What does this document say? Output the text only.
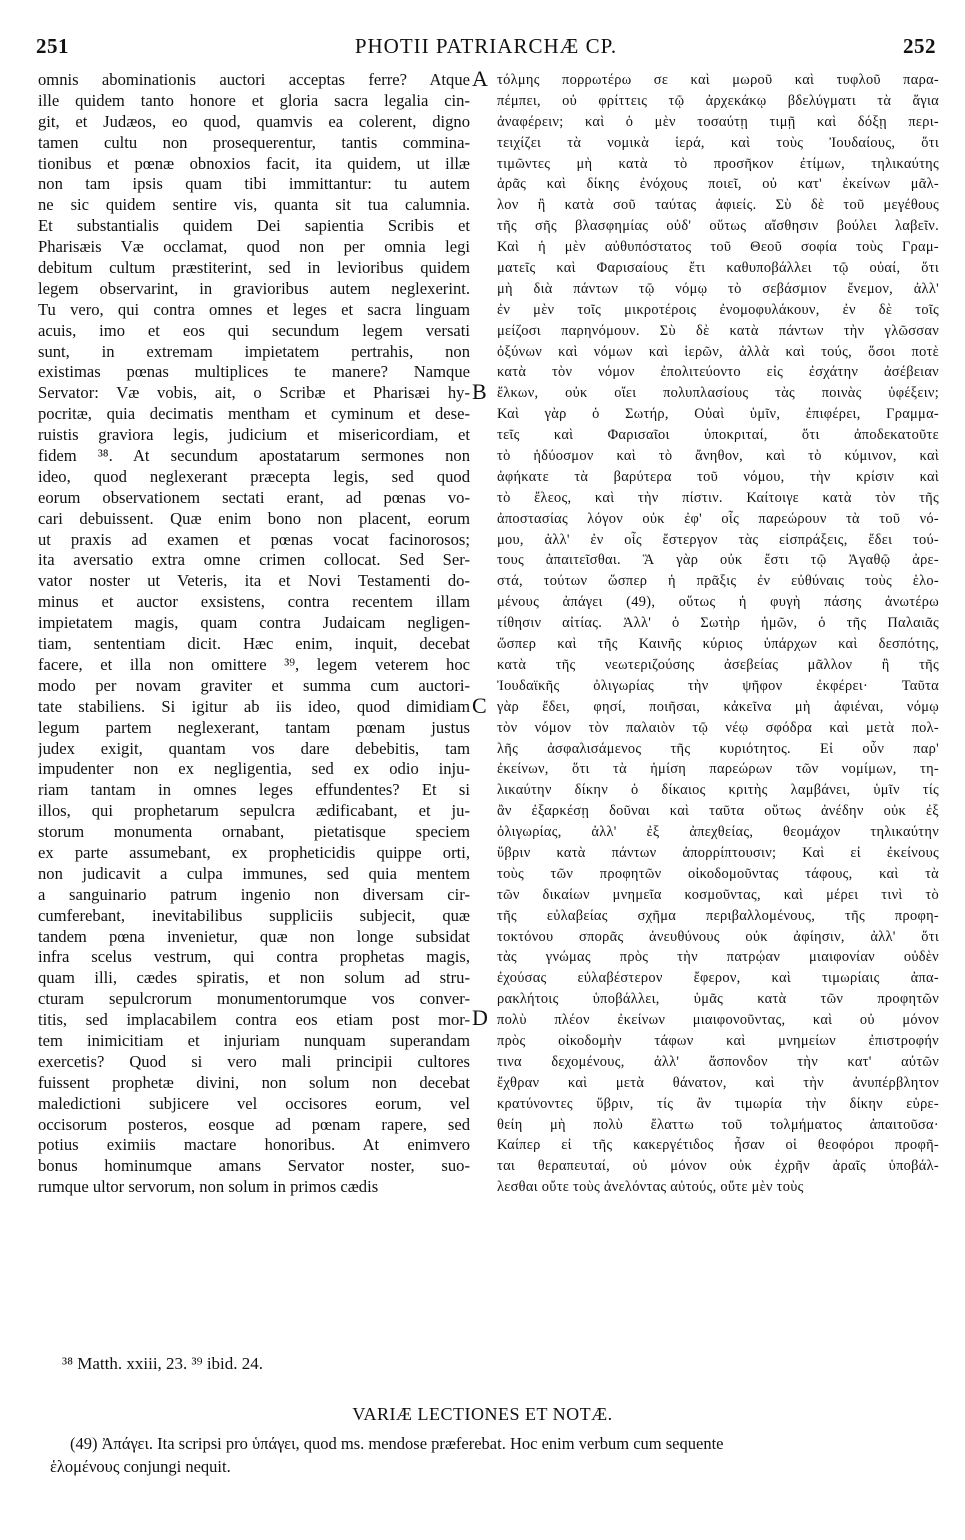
251	PHOTII PATRIARCHÆ CP.	252
omnis abominationis auctori acceptas ferre? Atque
ille quidem tanto honore et gloria sacra legalia cin-
git, et Judæos, eo quod, quamvis ea colerent, digno
tamen cultu non prosequerentur, tantis commina-
tionibus et pœnæ obnoxios facit, ita quidem, ut illæ
non tam ipsis quam tibi immittantur: tu autem
ne sic quidem sentire vis, quanta sit tua calumnia.
Et substantialis quidem Dei sapientia Scribis et
Pharisæis Væ occlamat, quod non per omnia legi
debitum cultum præstiterint, sed in levioribus quidem
legem observarint, in gravioribus autem neglexerint.
Tu vero, qui contra omnes et leges et sacra linguam
acuis, imo et eos qui secundum legem versati
sunt, in extremam impietatem pertrahis, non
existimas pœnas multiplices te manere? Namque
Servator: Væ vobis, ait, o Scribæ et Pharisæi hy-
pocritæ, quia decimatis mentham et cyminum et dese-
ruistis graviora legis, judicium et misericordiam, et
fidem ³⁸. At secundum apostatarum sermones non
ideo, quod neglexerant præcepta legis, sed quod
eorum observationem sectati erant, ad pœnas vo-
cari debuissent. Quæ enim bono non placent, eorum
ut praxis ad examen et pœnas vocat facinorosos;
ita aversatio extra omne crimen collocat. Sed Ser-
vator noster ut Veteris, ita et Novi Testamenti do-
minus et auctor exsistens, contra recentem illam
impietatem magis, quam contra Judaicam negligen-
tiam, sententiam dicit. Hæc enim, inquit, decebat
facere, et illa non omittere ³⁹, legem veterem hoc
modo per novam graviter et summa cum auctori-
tate stabiliens. Si igitur ab iis ideo, quod dimidiam
legum partem neglexerant, tantam pœnam justus
judex exigit, quantam vos dare debebitis, tam
impudenter non ex negligentia, sed ex odio inju-
riam tantam in omnes leges effundentes? Et si
illos, qui prophetarum sepulcra ædificabant, et ju-
storum monumenta ornabant, pietatisque speciem
ex parte assumebant, ex propheticidis quippe orti,
non judicavit a culpa immunes, sed quia mentem
a sanguinario patrum ingenio non diversam cir-
cumferebant, inevitabilibus suppliciis subjecit, quæ
tandem pœna invenietur, quæ non longe subsidat
infra scelus vestrum, qui contra prophetas magis,
quam illi, cædes spiratis, et non solum ad stru-
cturam sepulcrorum monumentorumque vos conver-
titis, sed implacabilem contra eos etiam post mor-
tem inimicitiam et injuriam nunquam superandam
exercetis? Quod si vero mali principii cultores
fuissent prophetæ divini, non solum non decebat
maledictioni subjicere vel occisores eorum, vel
occisorum posteros, eosque ad pœnam rapere, sed
potius eximiis mactare honoribus. At enimvero
bonus hominumque amans Servator noster, suo-
rumque ultor servorum, non solum in primos cædis
A
B
C
D
τόλμης πορρωτέρω σε καὶ μωροῦ καὶ τυφλοῦ παρα-
πέμπει, οὐ φρίττεις τῷ ἀρχεκάκῳ βδελύγματι τὰ ἅγια
ἀναφέρειν; καὶ ὁ μὲν τοσαύτῃ τιμῇ καὶ δόξῃ περι-
τειχίζει τὰ νομικὰ ἱερά, καὶ τοὺς Ἰουδαίους, ὅτι
τιμῶντες μὴ κατὰ τὸ προσῆκον ἐτίμων, τηλικαύτης
ἀρᾶς καὶ δίκης ἐνόχους ποιεῖ, οὐ κατ' ἐκείνων μᾶλ-
λον ἢ κατὰ σοῦ ταύτας ἀφιείς. Σὺ δὲ τοῦ μεγέθους
τῆς σῆς βλασφημίας οὐδ' οὕτως αἴσθησιν βούλει λαβεῖν.
Καὶ ἡ μὲν αὐθυπόστατος τοῦ Θεοῦ σοφία τοὺς Γραμ-
ματεῖς καὶ Φαρισαίους ἔτι καθυποβάλλει τῷ οὐαί, ὅτι
μὴ διὰ πάντων τῷ νόμῳ τὸ σεβάσμιον ἔνεμον, ἀλλ'
ἐν μὲν τοῖς μικροτέροις ἐνομοφυλάκουν, ἐν δὲ τοῖς
μείζοσι παρηνόμουν. Σὺ δὲ κατὰ πάντων τὴν γλῶσσαν
ὀξύνων καὶ νόμων καὶ ἱερῶν, ἀλλὰ καὶ τούς, ὅσοι ποτὲ
κατὰ τὸν νόμον ἐπολιτεύοντο εἰς ἐσχάτην ἀσέβειαν
ἕλκων, οὐκ οἴει πολυπλασίους τὰς ποινὰς ὑφέξειν;
Καὶ γὰρ ὁ Σωτήρ, Οὐαὶ ὑμῖν, ἐπιφέρει, Γραμμα-
τεῖς καὶ Φαρισαῖοι ὑποκριταί, ὅτι ἀποδεκατοῦτε
τὸ ἡδύοσμον καὶ τὸ ἄνηθον, καὶ τὸ κύμινον, καὶ
ἀφήκατε τὰ βαρύτερα τοῦ νόμου, τὴν κρίσιν καὶ
τὸ ἔλεος, καὶ τὴν πίστιν. Καίτοιγε κατὰ τὸν τῆς
ἀποστασίας λόγον οὐκ ἐφ' οἷς παρεώρουν τὰ τοῦ νό-
μου, ἀλλ' ἐν οἷς ἔστεργον τὰς εἰσπράξεις, ἔδει τού-
τους ἀπαιτεῖσθαι. Ἃ γὰρ οὐκ ἔστι τῷ Ἀγαθῷ ἀρε-
στά, τούτων ὥσπερ ἡ πρᾶξις ἐν εὐθύναις τοὺς ἑλο-
μένους ἀπάγει (49), οὕτως ἡ φυγὴ πάσης ἀνωτέρω
τίθησιν αἰτίας. Ἀλλ' ὁ Σωτὴρ ἡμῶν, ὁ τῆς Παλαιᾶς
ὥσπερ καὶ τῆς Καινῆς κύριος ὑπάρχων καὶ δεσπότης,
κατὰ τῆς νεωτεριζούσης ἀσεβείας μᾶλλον ἢ τῆς
Ἰουδαϊκῆς ὀλιγωρίας τὴν ψῆφον ἐκφέρει· Ταῦτα
γὰρ ἔδει, φησί, ποιῆσαι, κἀκεῖνα μὴ ἀφιέναι, νόμῳ
τὸν νόμον τὸν παλαιὸν τῷ νέῳ σφόδρα καὶ μετὰ πολ-
λῆς ἀσφαλισάμενος τῆς κυριότητος. Εἰ οὖν παρ'
ἐκείνων, ὅτι τὰ ἡμίση παρεώρων τῶν νομίμων, τη-
λικαύτην δίκην ὁ δίκαιος κριτὴς λαμβάνει, ὑμῖν τίς
ἂν ἐξαρκέσῃ δοῦναι καὶ ταῦτα οὕτως ἀνέδην οὐκ ἐξ
ὀλιγωρίας, ἀλλ' ἐξ ἀπεχθείας, θεομάχον τηλικαύτην
ὕβριν κατὰ πάντων ἀπορρίπτουσιν; Καὶ εἰ ἐκείνους
τοὺς τῶν προφητῶν οἰκοδομοῦντας τάφους, καὶ τὰ
τῶν δικαίων μνημεῖα κοσμοῦντας, καὶ μέρει τινὶ τὸ
τῆς εὐλαβείας σχῆμα περιβαλλομένους, τῆς προφη-
τοκτόνου σπορᾶς ἀνευθύνους οὐκ ἀφίησιν, ἀλλ' ὅτι
τὰς γνώμας πρὸς τὴν πατρῴαν μιαιφονίαν οὐδὲν
ἐχούσας εὐλαβέστερον ἔφερον, καὶ τιμωρίαις ἀπα-
ρακλήτοις ὑποβάλλει, ὑμᾶς κατὰ τῶν προφητῶν
πολὺ πλέον ἐκείνων μιαιφονοῦντας, καὶ οὐ μόνον
πρὸς οἰκοδομὴν τάφων καὶ μνημείων ἐπιστροφήν
τινα δεχομένους, ἀλλ' ἄσπονδον τὴν κατ' αὐτῶν
ἔχθραν καὶ μετὰ θάνατον, καὶ τὴν ἀνυπέρβλητον
κρατύνοντες ὕβριν, τίς ἂν τιμωρία τὴν δίκην εὑρε-
θείη μὴ πολὺ ἔλαττω τοῦ τολμήματος ἀπαιτοῦσα·
Καίπερ εἰ τῆς κακεργέτιδος ἦσαν οἱ θεοφόροι προφῆ-
ται θεραπευταί, οὐ μόνον οὐκ ἐχρῆν ἀραῖς ὑποβάλ-
λεσθαι οὔτε τοὺς ἀνελόντας αὐτούς, οὔτε μὲν τοὺς
³⁸ Matth. xxiii, 23. ³⁹ ibid. 24.
VARIÆ LECTIONES ET NOTÆ.
(49) Ἀπάγει. Ita scripsi pro ὑπάγει, quod ms. mendose præferebat. Hoc enim verbum cum sequente
ἑλομένους conjungi nequit.
